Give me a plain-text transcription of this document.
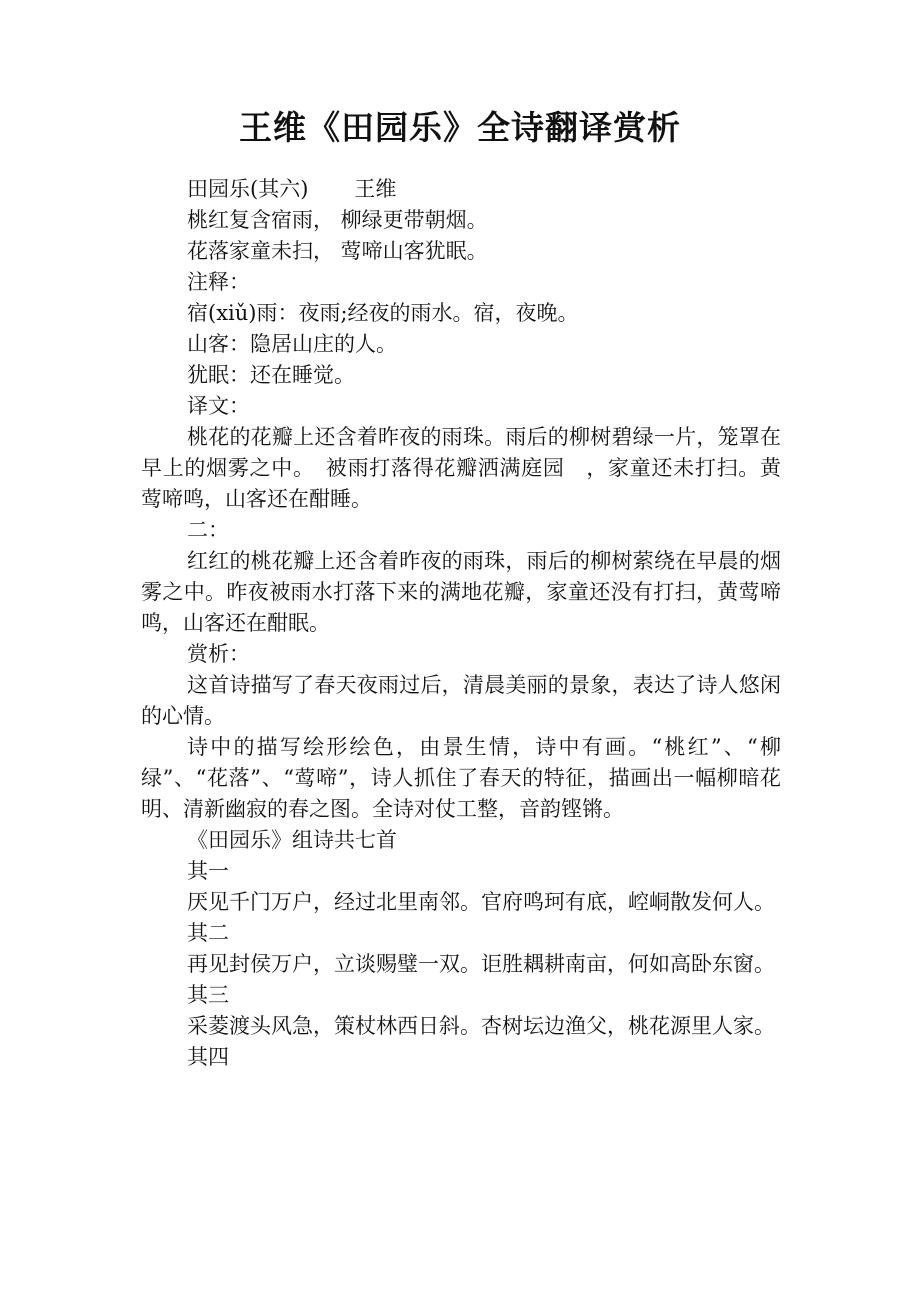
王维《田园乐》全诗翻译赏析

田园乐(其六) 王维

桃红复含宿雨， 柳绿更带朝烟。

花落家童未扫， 莺啼山客犹眠。

注释：

宿(xiǔ)雨：夜雨;经夜的雨水。宿，夜晚。

山客：隐居山庄的人。

犹眠：还在睡觉。

译文：

桃花的花瓣上还含着昨夜的雨珠。雨后的柳树碧绿一片，笼罩在早上的烟雾之中。　被雨打落得花瓣洒满庭园　，家童还未打扫。黄莺啼鸣，山客还在酣睡。

二：

红红的桃花瓣上还含着昨夜的雨珠，雨后的柳树萦绕在早晨的烟雾之中。昨夜被雨水打落下来的满地花瓣，家童还没有打扫，黄莺啼鸣，山客还在酣眠。

赏析：

这首诗描写了春天夜雨过后，清晨美丽的景象，表达了诗人悠闲的心情。

诗中的描写绘形绘色，由景生情，诗中有画。“桃红”、“柳绿”、“花落”、“莺啼”，诗人抓住了春天的特征，描画出一幅柳暗花明、清新幽寂的春之图。全诗对仗工整，音韵铿锵。

《田园乐》组诗共七首

其一

厌见千门万户，经过北里南邻。官府鸣珂有底，崆峒散发何人。

其二

再见封侯万户，立谈赐璧一双。讵胜耦耕南亩，何如高卧东窗。

其三

采菱渡头风急，策杖林西日斜。杏树坛边渔父，桃花源里人家。

其四
